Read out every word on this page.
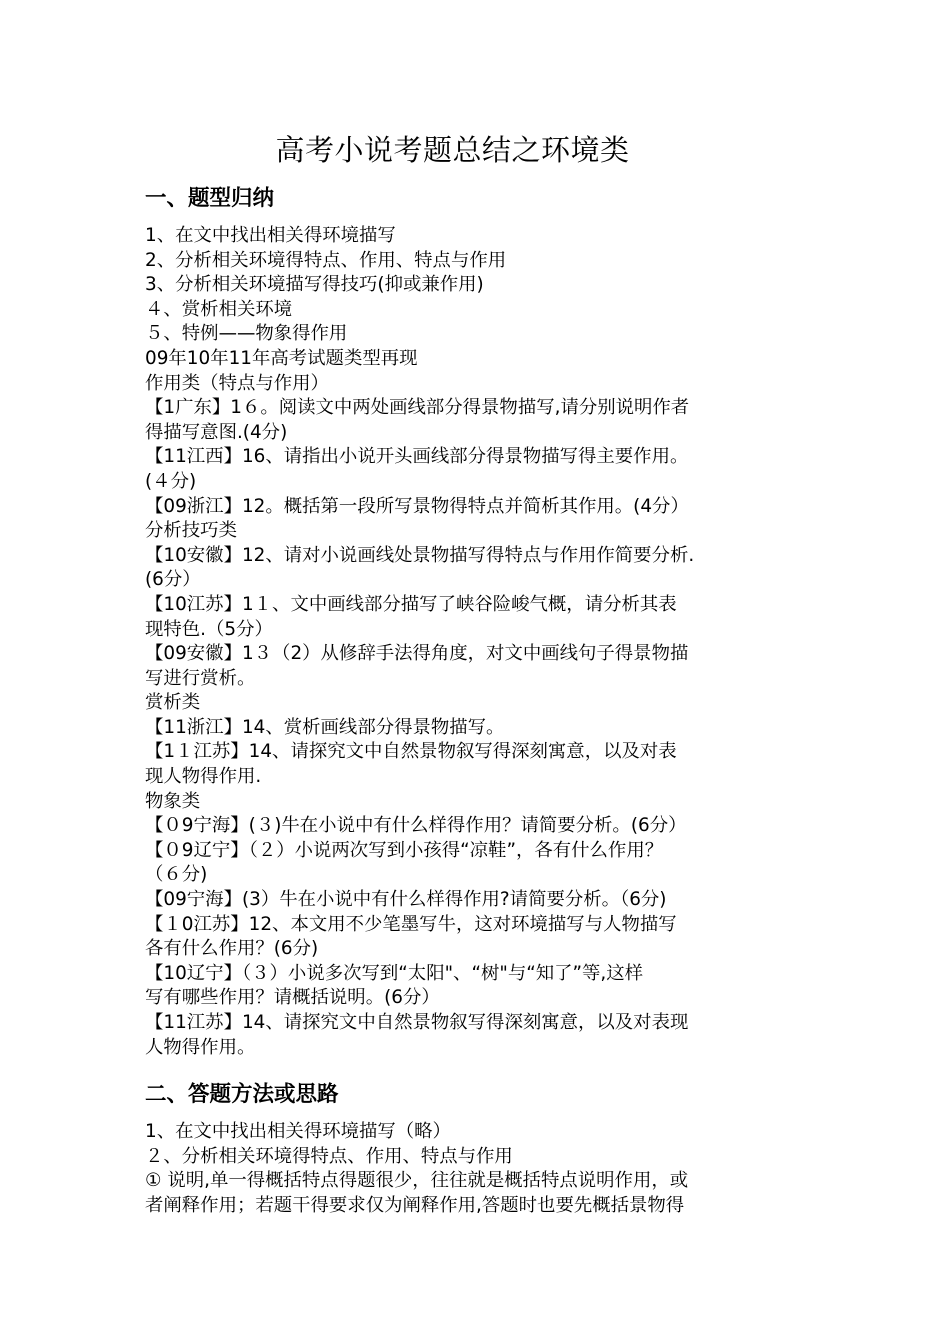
高考小说考题总结之环境类
一、题型归纳
1、在文中找出相关得环境描写
2、分析相关环境得特点、作用、特点与作用
3、分析相关环境描写得技巧(抑或兼作用)
４、赏析相关环境
５、特例——物象得作用
09年10年11年高考试题类型再现
作用类（特点与作用）
【1广东】1６。阅读文中两处画线部分得景物描写,请分别说明作者
得描写意图.(4分)
【11江西】16、请指出小说开头画线部分得景物描写得主要作用。
(４分)
【09浙江】12。概括第一段所写景物得特点并简析其作用。(4分）
分析技巧类
【10安徽】12、请对小说画线处景物描写得特点与作用作简要分析.
(6分）
【10江苏】1１、文中画线部分描写了峡谷险峻气概，请分析其表
现特色.（5分）
【09安徽】1３（2）从修辞手法得角度，对文中画线句子得景物描
写进行赏析。
赏析类
【11浙江】14、赏析画线部分得景物描写。
【1１江苏】14、请探究文中自然景物叙写得深刻寓意，以及对表
现人物得作用.
物象类
【０9宁海】(３)牛在小说中有什么样得作用？请简要分析。(6分）
【０9辽宁】（２）小说两次写到小孩得“凉鞋”，各有什么作用？
（６分)
【09宁海】(3）牛在小说中有什么样得作用?请简要分析。（6分)
【１0江苏】12、本文用不少笔墨写牛，这对环境描写与人物描写
各有什么作用？(6分)
【10辽宁】（３）小说多次写到“太阳"、“树"与“知了”等,这样
写有哪些作用？请概括说明。(6分）
【11江苏】14、请探究文中自然景物叙写得深刻寓意，以及对表现
人物得作用。
二、答题方法或思路
1、在文中找出相关得环境描写（略）
２、分析相关环境得特点、作用、特点与作用
① 说明,单一得概括特点得题很少，往往就是概括特点说明作用，或
者阐释作用；若题干得要求仅为阐释作用,答题时也要先概括景物得
